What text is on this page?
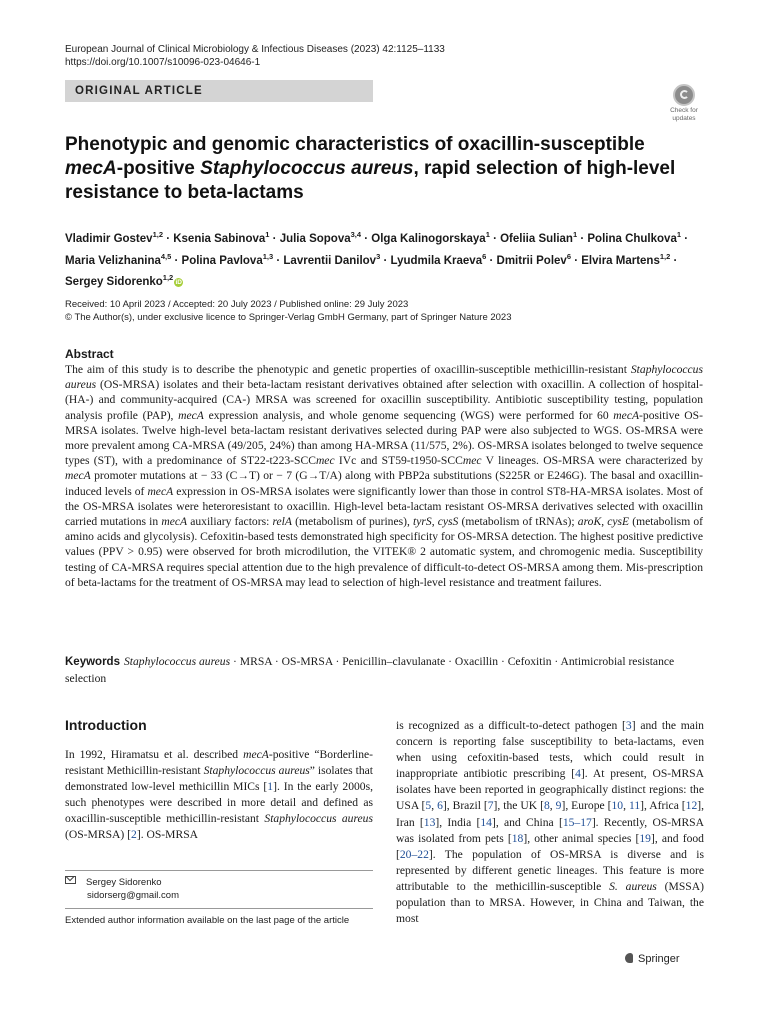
European Journal of Clinical Microbiology & Infectious Diseases (2023) 42:1125–1133
https://doi.org/10.1007/s10096-023-04646-1
ORIGINAL ARTICLE
Check for
updates
Phenotypic and genomic characteristics of oxacillin-susceptible mecA-positive Staphylococcus aureus, rapid selection of high-level resistance to beta-lactams
Vladimir Gostev$^{1,2}$ · Ksenia Sabinova$^1$ · Julia Sopova$^{3,4}$ · Olga Kalinogorskaya$^1$ · Ofeliia Sulian$^1$ · Polina Chulkova$^1$ ·
Maria Velizhanina$^{4,5}$ · Polina Pavlova$^{1,3}$ · Lavrentii Danilov$^3$ · Lyudmila Kraeva$^6$ · Dmitrii Polev$^6$ · Elvira Martens$^{1,2}$ ·
Sergey Sidorenko$^{1,2}$iD
Received: 10 April 2023 / Accepted: 20 July 2023 / Published online: 29 July 2023
© The Author(s), under exclusive licence to Springer-Verlag GmbH Germany, part of Springer Nature 2023
Abstract
The aim of this study is to describe the phenotypic and genetic properties of oxacillin-susceptible methicillin-resistant Staphylococcus aureus (OS-MRSA) isolates and their beta-lactam resistant derivatives obtained after selection with oxacillin. A collection of hospital- (HA-) and community-acquired (CA-) MRSA was screened for oxacillin susceptibility. Antibiotic susceptibility testing, population analysis profile (PAP), mecA expression analysis, and whole genome sequencing (WGS) were performed for 60 mecA-positive OS-MRSA isolates. Twelve high-level beta-lactam resistant derivatives selected during PAP were also subjected to WGS. OS-MRSA were more prevalent among CA-MRSA (49/205, 24%) than among HA-MRSA (11/575, 2%). OS-MRSA isolates belonged to twelve sequence types (ST), with a predominance of ST22-t223-SCCmec IVc and ST59-t1950-SCCmec V lineages. OS-MRSA were characterized by mecA promoter mutations at − 33 (C→T) or − 7 (G→T/A) along with PBP2a substitutions (S225R or E246G). The basal and oxacillin-induced levels of mecA expression in OS-MRSA isolates were significantly lower than those in control ST8-HA-MRSA isolates. Most of the OS-MRSA isolates were heteroresistant to oxacillin. High-level beta-lactam resistant OS-MRSA derivatives selected with oxacillin carried mutations in mecA auxiliary factors: relA (metabolism of purines), tyrS, cysS (metabolism of tRNAs); aroK, cysE (metabolism of amino acids and glycolysis). Cefoxitin-based tests demonstrated high specificity for OS-MRSA detection. The highest positive predictive values (PPV > 0.95) were observed for broth microdilution, the VITEK® 2 automatic system, and chromogenic media. Susceptibility testing of CA-MRSA requires special attention due to the high prevalence of difficult-to-detect OS-MRSA among them. Mis-prescription of beta-lactams for the treatment of OS-MRSA may lead to selection of high-level resistance and treatment failures.
Keywords Staphylococcus aureus · MRSA · OS-MRSA · Penicillin–clavulanate · Oxacillin · Cefoxitin · Antimicrobial resistance selection
Introduction
In 1992, Hiramatsu et al. described mecA-positive “Borderline-resistant Methicillin-resistant Staphylococcus aureus” isolates that demonstrated low-level methicillin MICs [1]. In the early 2000s, such phenotypes were described in more detail and defined as oxacillin-susceptible methicillin-resistant Staphylococcus aureus (OS-MRSA) [2]. OS-MRSA
is recognized as a difficult-to-detect pathogen [3] and the main concern is reporting false susceptibility to beta-lactams, even when using cefoxitin-based tests, which could result in inappropriate antibiotic prescribing [4]. At present, OS-MRSA isolates have been reported in geographically distinct regions: the USA [5, 6], Brazil [7], the UK [8, 9], Europe [10, 11], Africa [12], Iran [13], India [14], and China [15–17]. Recently, OS-MRSA was isolated from pets [18], other animal species [19], and food [20–22]. The population of OS-MRSA is diverse and is represented by different genetic lineages. This feature is more attributable to the methicillin-susceptible S. aureus (MSSA) population than to MRSA. However, in China and Taiwan, the most
Sergey Sidorenko
sidorserg@gmail.com
Extended author information available on the last page of the article
Springer
